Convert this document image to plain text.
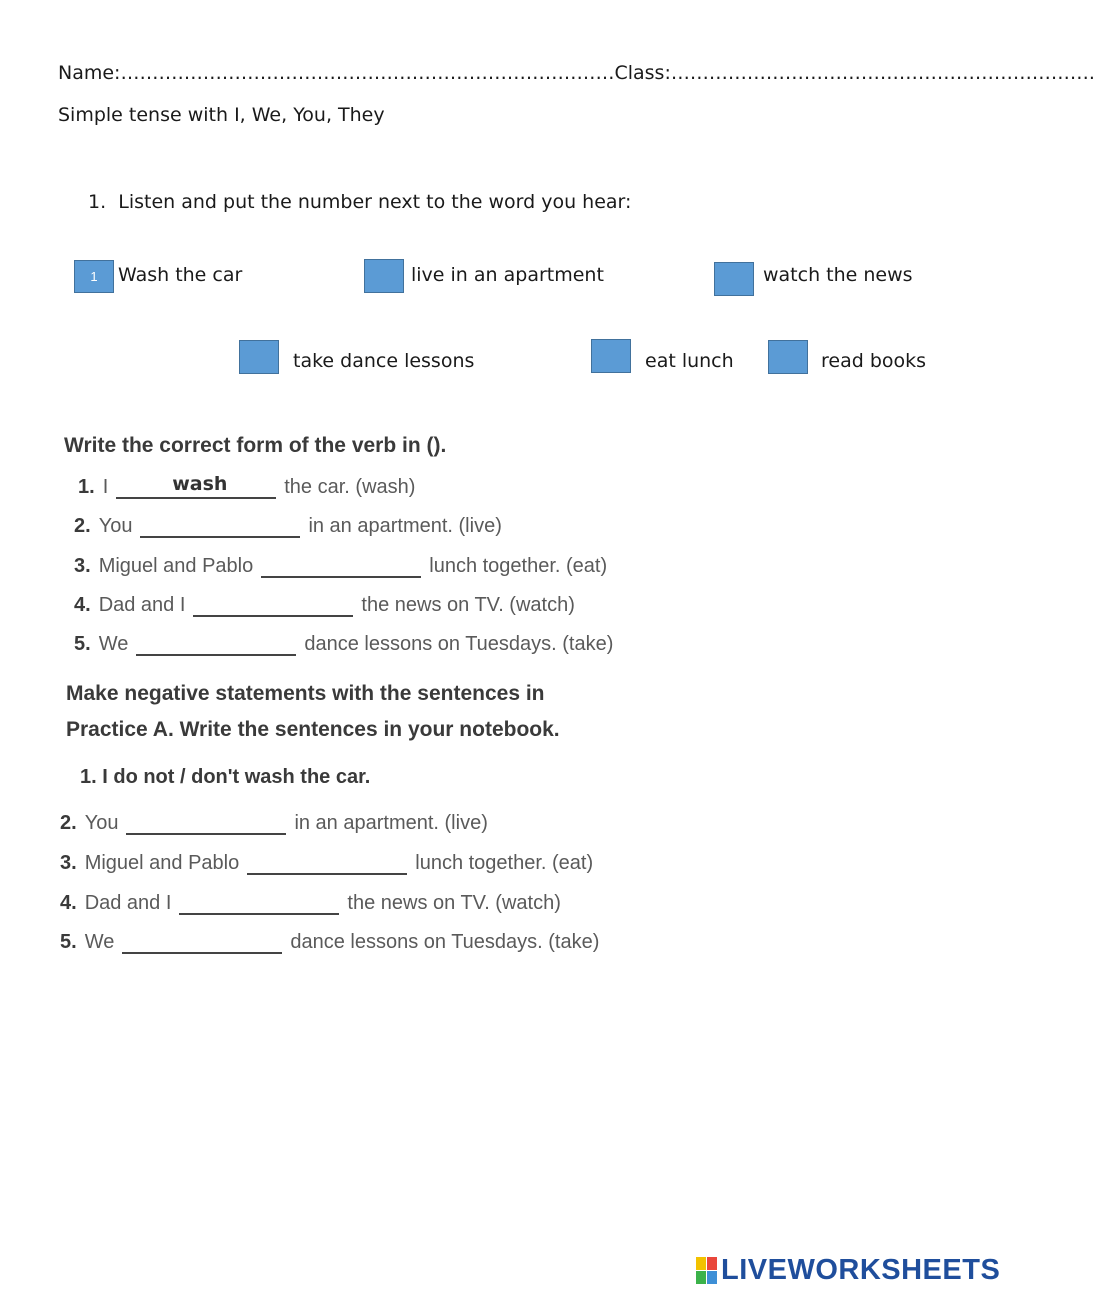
Name:……………………………………………………………………Class:………………………………………………………….
Simple tense with I, We, You, They
1. Listen and put the number next to the word you hear:
1
Wash the car	live in an apartment	watch the news
take dance lessons	eat lunch	read books
Write the correct form of the verb in ().
1. I	wash	the car. (wash)
2. You	in an apartment. (live)
3. Miguel and Pablo	lunch together. (eat)
4. Dad and I	the news on TV. (watch)
5. We	dance lessons on Tuesdays. (take)
Make negative statements with the sentences in
Practice A. Write the sentences in your notebook.
1. I do not / don't wash the car.
2. You	in an apartment. (live)
3. Miguel and Pablo	lunch together. (eat)
4. Dad and I	the news on TV. (watch)
5. We	dance lessons on Tuesdays. (take)
LIVEWORKSHEETS
